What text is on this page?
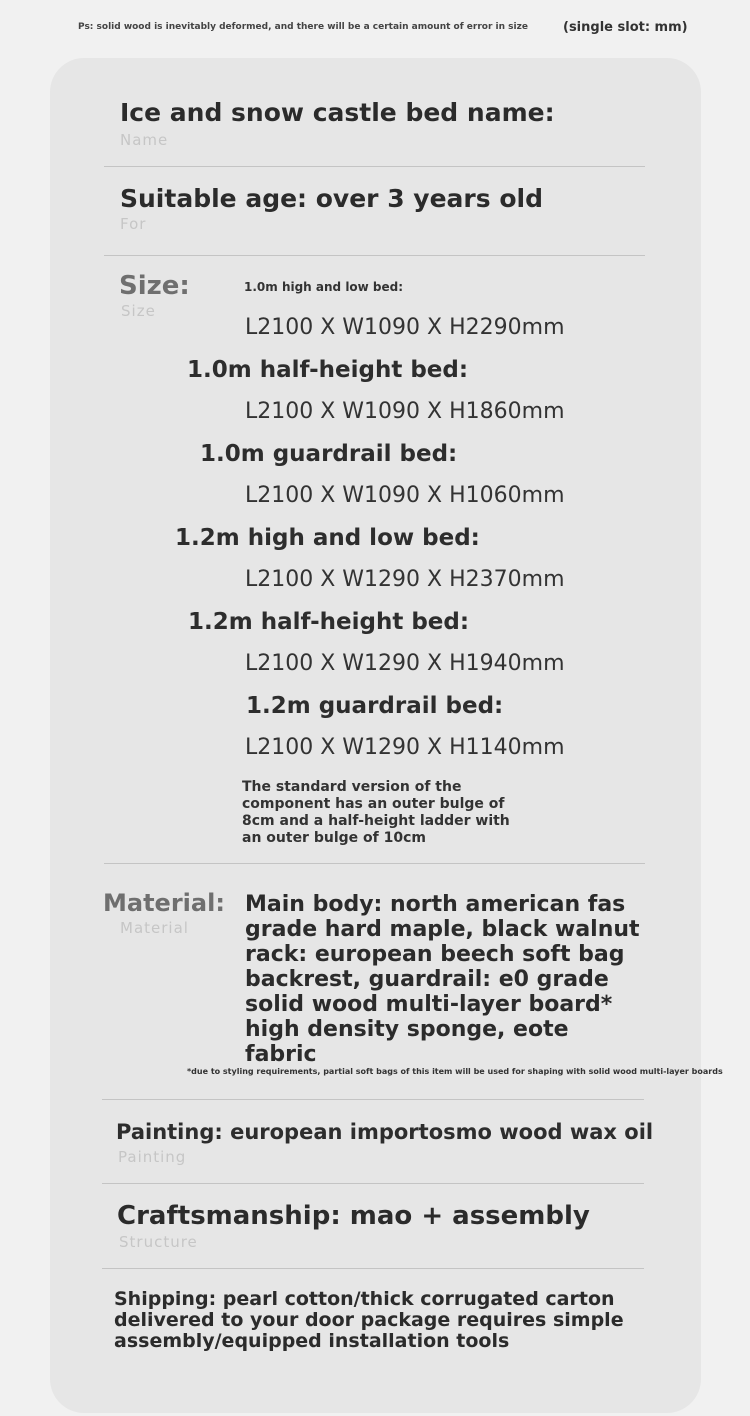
Ps: solid wood is inevitably deformed, and there will be a certain amount of error in size	(single slot: mm)
Ice and snow castle bed name:
Name
Suitable age: over 3 years old
For
Size:
Size
1.0m high and low bed:
L2100 X W1090 X H2290mm
1.0m half-height bed:
L2100 X W1090 X H1860mm
1.0m guardrail bed:
L2100 X W1090 X H1060mm
1.2m high and low bed:
L2100 X W1290 X H2370mm
1.2m half-height bed:
L2100 X W1290 X H1940mm
1.2m guardrail bed:
L2100 X W1290 X H1140mm
The standard version of the component has an outer bulge of 8cm and a half-height ladder with an outer bulge of 10cm
Material:
Material
Main body: north american fas grade hard maple, black walnut rack: european beech soft bag backrest, guardrail: e0 grade solid wood multi-layer board* high density sponge, eote fabric
*due to styling requirements, partial soft bags of this item will be used for shaping with solid wood multi-layer boards
Painting: european importosmo wood wax oil
Painting
Craftsmanship: mao + assembly
Structure
Shipping: pearl cotton/thick corrugated carton delivered to your door package requires simple assembly/equipped installation tools
